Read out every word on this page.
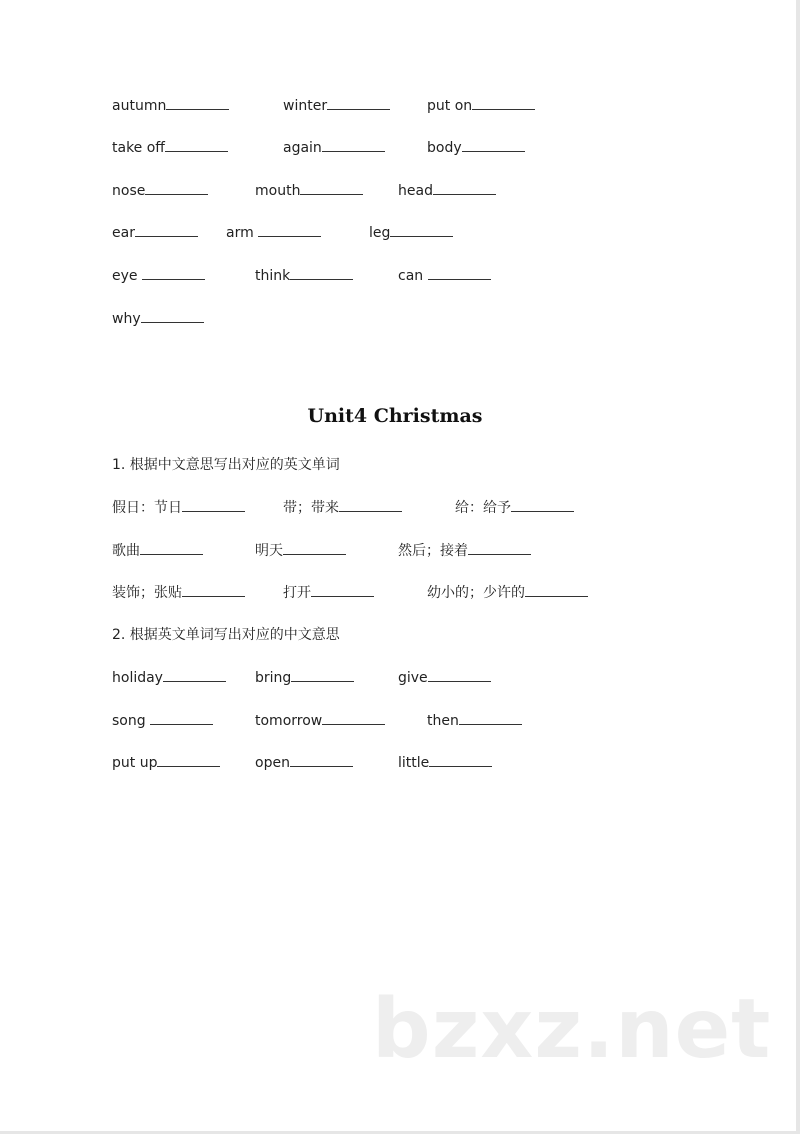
autumn	winter	put on
take off	again	body
nose	mouth	head
ear	arm	leg
eye	think	can
why
Unit4 Christmas
1. 根据中文意思写出对应的英文单词
假日：节日	带；带来	给：给予
歌曲	明天	然后；接着
装饰；张贴	打开	幼小的；少许的
2. 根据英文单词写出对应的中文意思
holiday	bring	give
song	tomorrow	then
put up	open	little
bzxz.net
